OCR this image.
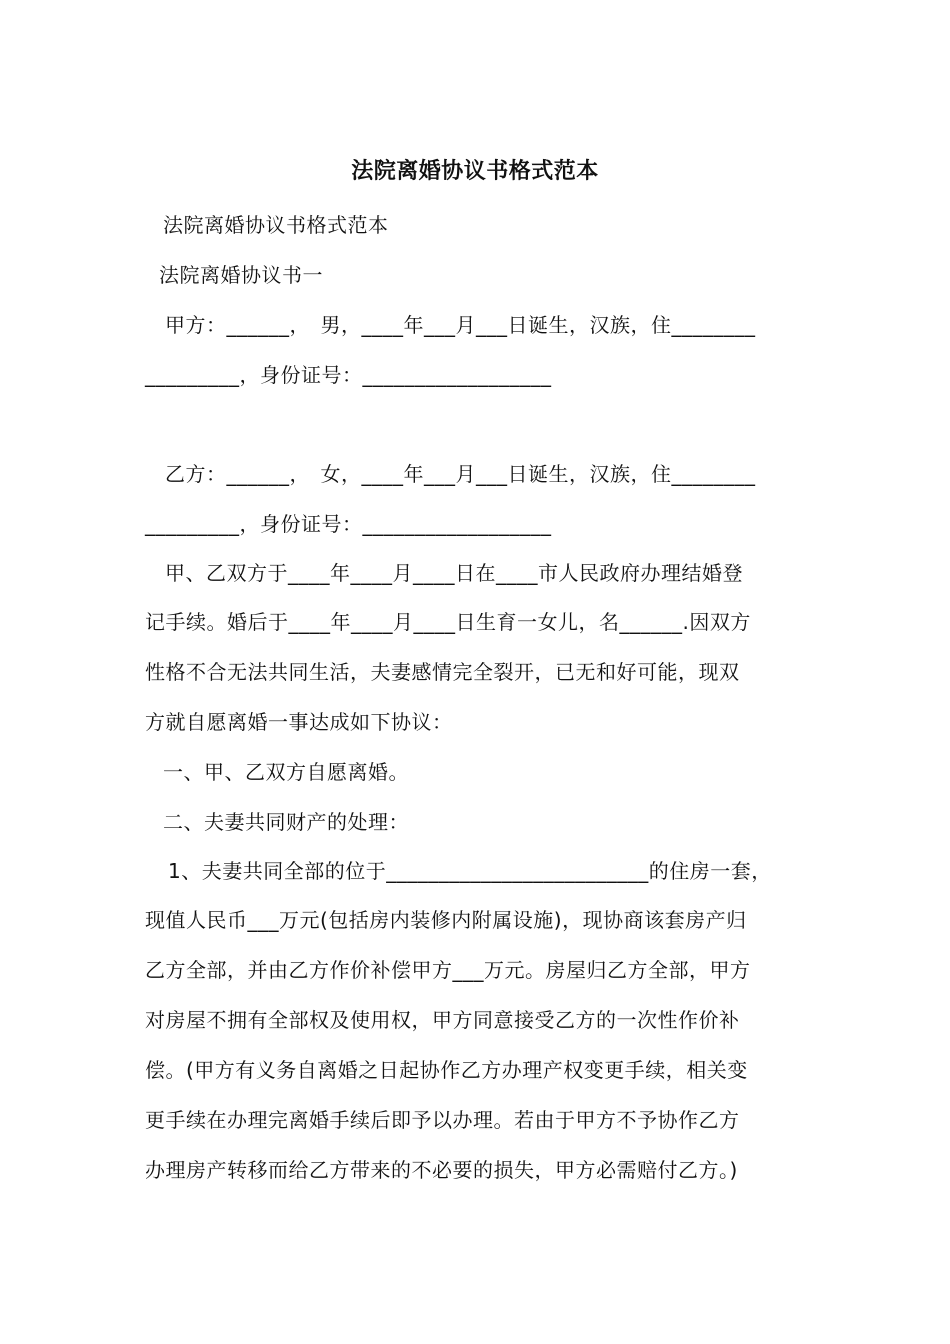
法院离婚协议书格式范本
法院离婚协议书格式范本
法院离婚协议书一
甲方：______，　男，____年___月___日诞生，汉族，住________
_________，身份证号：__________________
乙方：______，　女，____年___月___日诞生，汉族，住________
_________，身份证号：__________________
甲、乙双方于____年____月____日在____市人民政府办理结婚登
记手续。婚后于____年____月____日生育一女儿，名______.因双方
性格不合无法共同生活，夫妻感情完全裂开，已无和好可能，现双
方就自愿离婚一事达成如下协议：
一、甲、乙双方自愿离婚。
二、夫妻共同财产的处理：
1、夫妻共同全部的位于_________________________的住房一套，
现值人民币___万元(包括房内装修内附属设施)，现协商该套房产归
乙方全部，并由乙方作价补偿甲方___万元。房屋归乙方全部，甲方
对房屋不拥有全部权及使用权，甲方同意接受乙方的一次性作价补
偿。(甲方有义务自离婚之日起协作乙方办理产权变更手续，相关变
更手续在办理完离婚手续后即予以办理。若由于甲方不予协作乙方
办理房产转移而给乙方带来的不必要的损失，甲方必需赔付乙方。)
